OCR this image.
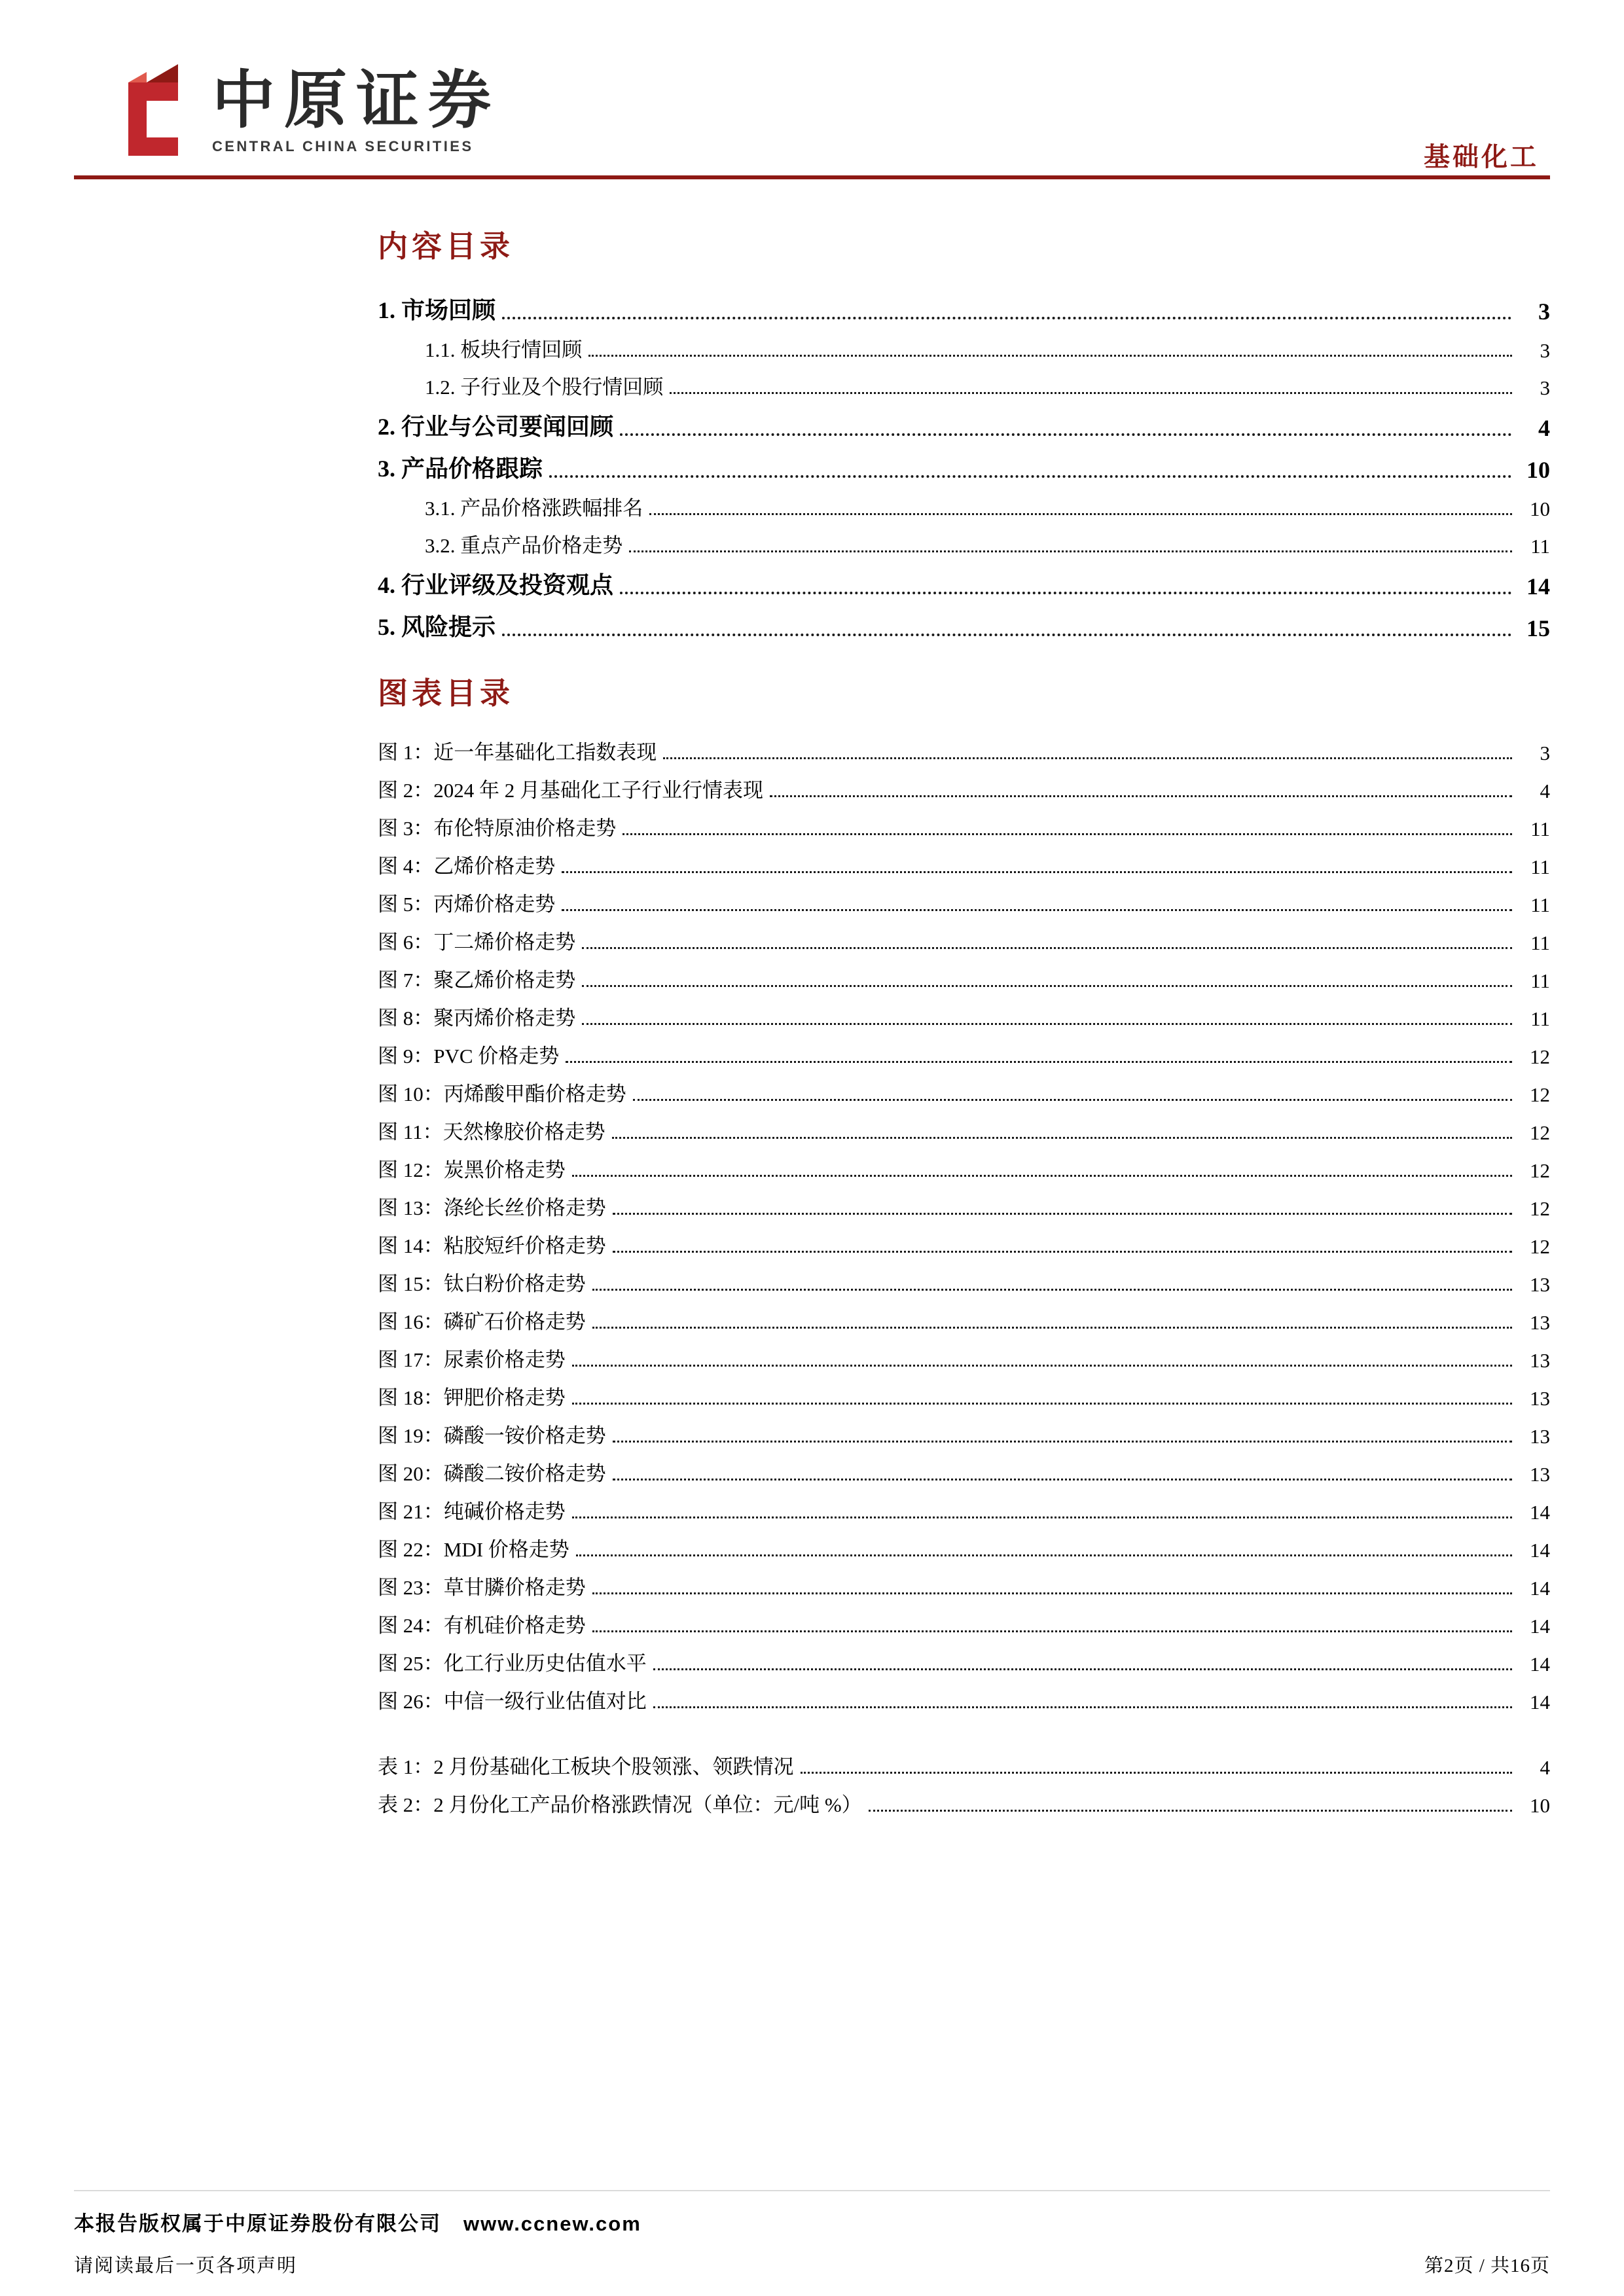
中原证券
CENTRAL CHINA SECURITIES	基础化工
内容目录
1. 市场回顾	3
1.1. 板块行情回顾	3
1.2. 子行业及个股行情回顾	3
2. 行业与公司要闻回顾	4
3. 产品价格跟踪	10
3.1. 产品价格涨跌幅排名	10
3.2. 重点产品价格走势	11
4. 行业评级及投资观点	14
5. 风险提示	15
图表目录
图 1：近一年基础化工指数表现	3
图 2：2024 年 2 月基础化工子行业行情表现	4
图 3：布伦特原油价格走势	11
图 4：乙烯价格走势	11
图 5：丙烯价格走势	11
图 6：丁二烯价格走势	11
图 7：聚乙烯价格走势	11
图 8：聚丙烯价格走势	11
图 9：PVC 价格走势	12
图 10：丙烯酸甲酯价格走势	12
图 11：天然橡胶价格走势	12
图 12：炭黑价格走势	12
图 13：涤纶长丝价格走势	12
图 14：粘胶短纤价格走势	12
图 15：钛白粉价格走势	13
图 16：磷矿石价格走势	13
图 17：尿素价格走势	13
图 18：钾肥价格走势	13
图 19：磷酸一铵价格走势	13
图 20：磷酸二铵价格走势	13
图 21：纯碱价格走势	14
图 22：MDI 价格走势	14
图 23：草甘膦价格走势	14
图 24：有机硅价格走势	14
图 25：化工行业历史估值水平	14
图 26：中信一级行业估值对比	14
表 1：2 月份基础化工板块个股领涨、领跌情况	4
表 2：2 月份化工产品价格涨跌情况（单位：元/吨 %）	10
本报告版权属于中原证券股份有限公司 www.ccnew.com
请阅读最后一页各项声明	第2页 / 共16页
